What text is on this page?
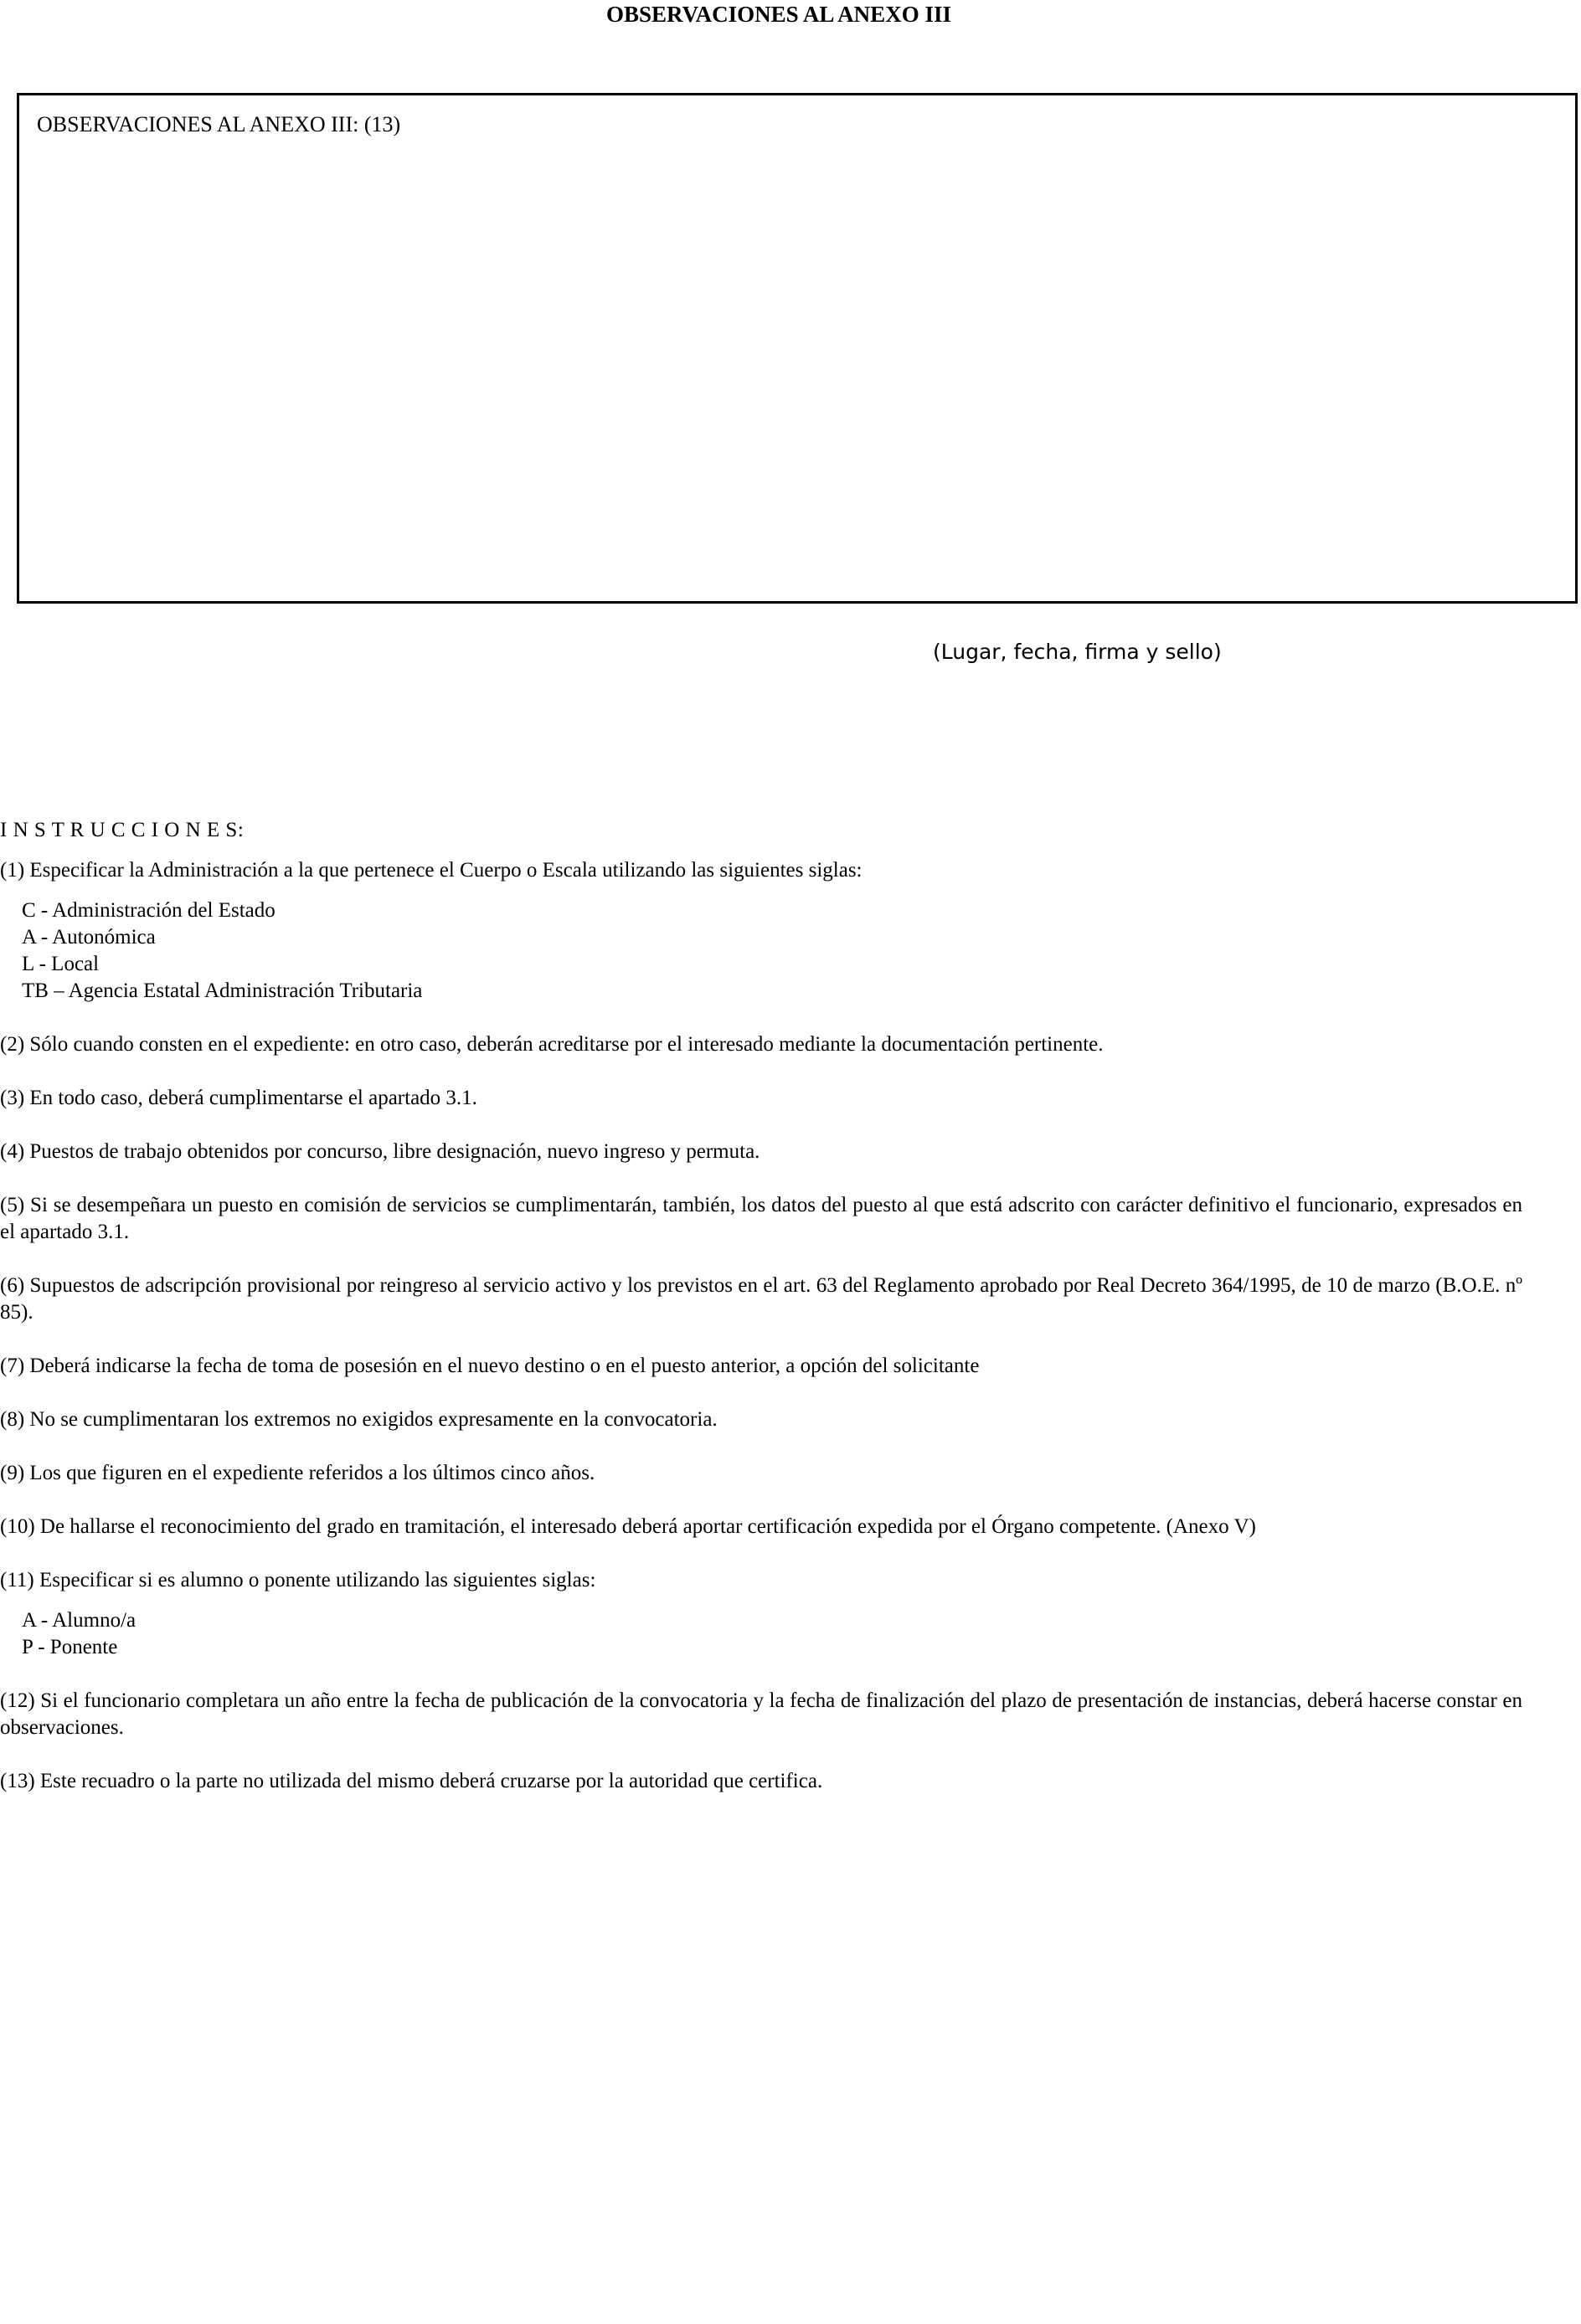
OBSERVACIONES AL ANEXO III
OBSERVACIONES AL ANEXO III: (13)
(Lugar, fecha, firma y sello)
I N S T R U C C I O N E S:
(1) Especificar la Administración a la que pertenece el Cuerpo o Escala utilizando las siguientes siglas:
C - Administración del Estado
A - Autonómica
L - Local
TB – Agencia Estatal Administración Tributaria
(2) Sólo cuando consten en el expediente: en otro caso, deberán acreditarse por el interesado mediante la documentación pertinente.
(3) En todo caso, deberá cumplimentarse el apartado 3.1.
(4) Puestos de trabajo obtenidos por concurso, libre designación, nuevo ingreso y permuta.
(5) Si se desempeñara un puesto en comisión de servicios se cumplimentarán, también, los datos del puesto al que está adscrito con carácter definitivo el funcionario, expresados en el apartado 3.1.
(6) Supuestos de adscripción provisional por reingreso al servicio activo y los previstos en el art. 63 del Reglamento aprobado por Real Decreto 364/1995, de 10 de marzo (B.O.E. nº 85).
(7) Deberá indicarse la fecha de toma de posesión en el nuevo destino o en el puesto anterior, a opción del solicitante
(8) No se cumplimentaran los extremos no exigidos expresamente en la convocatoria.
(9) Los que figuren en el expediente referidos a los últimos cinco años.
(10) De hallarse el reconocimiento del grado en tramitación, el interesado deberá aportar certificación expedida por el Órgano competente. (Anexo V)
(11) Especificar si es alumno o ponente utilizando las siguientes siglas:
A - Alumno/a
P - Ponente
(12) Si el funcionario completara un año entre la fecha de publicación de la convocatoria y la fecha de finalización del plazo de presentación de instancias, deberá hacerse constar en observaciones.
(13) Este recuadro o la parte no utilizada del mismo deberá cruzarse por la autoridad que certifica.
